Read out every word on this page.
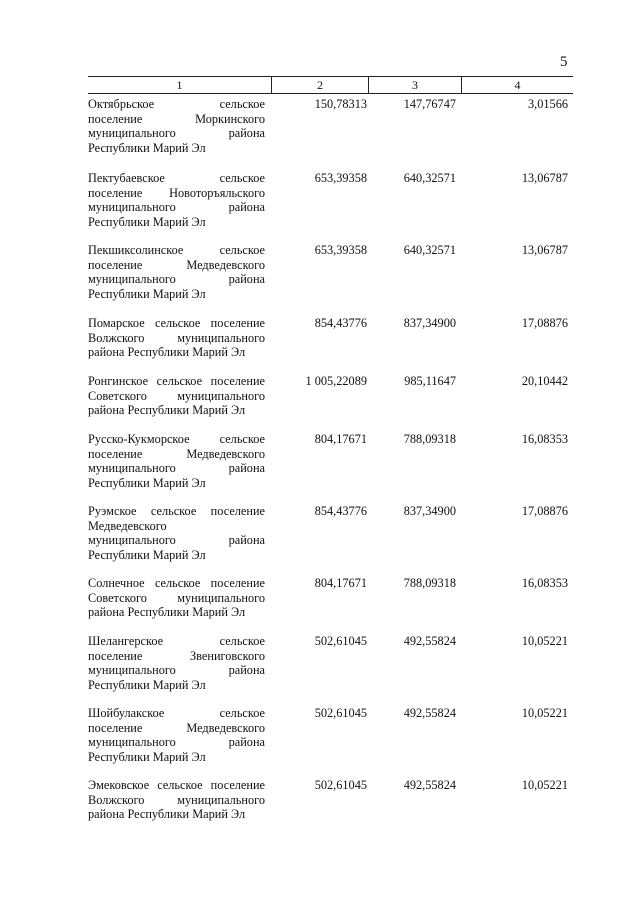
5
1	2	3	4
Октябрьское сельское
поселение Моркинского
муниципального района
Республики Марий Эл
150,78313	147,76747	3,01566
Пектубаевское сельское
поселение Новоторъяльского
муниципального района
Республики Марий Эл
653,39358	640,32571	13,06787
Пекшиксолинское сельское
поселение Медведевского
муниципального района
Республики Марий Эл
653,39358	640,32571	13,06787
Помарское сельское поселение
Волжского муниципального
района Республики Марий Эл
854,43776	837,34900	17,08876
Ронгинское сельское поселение
Советского муниципального
района Республики Марий Эл
1 005,22089	985,11647	20,10442
Русско-Кукморское сельское
поселение Медведевского
муниципального района
Республики Марий Эл
804,17671	788,09318	16,08353
Руэмское сельское поселение
Медведевского
муниципального района
Республики Марий Эл
854,43776	837,34900	17,08876
Солнечное сельское поселение
Советского муниципального
района Республики Марий Эл
804,17671	788,09318	16,08353
Шелангерское сельское
поселение Звениговского
муниципального района
Республики Марий Эл
502,61045	492,55824	10,05221
Шойбулакское сельское
поселение Медведевского
муниципального района
Республики Марий Эл
502,61045	492,55824	10,05221
Эмековское сельское поселение
Волжского муниципального
района Республики Марий Эл
502,61045	492,55824	10,05221
